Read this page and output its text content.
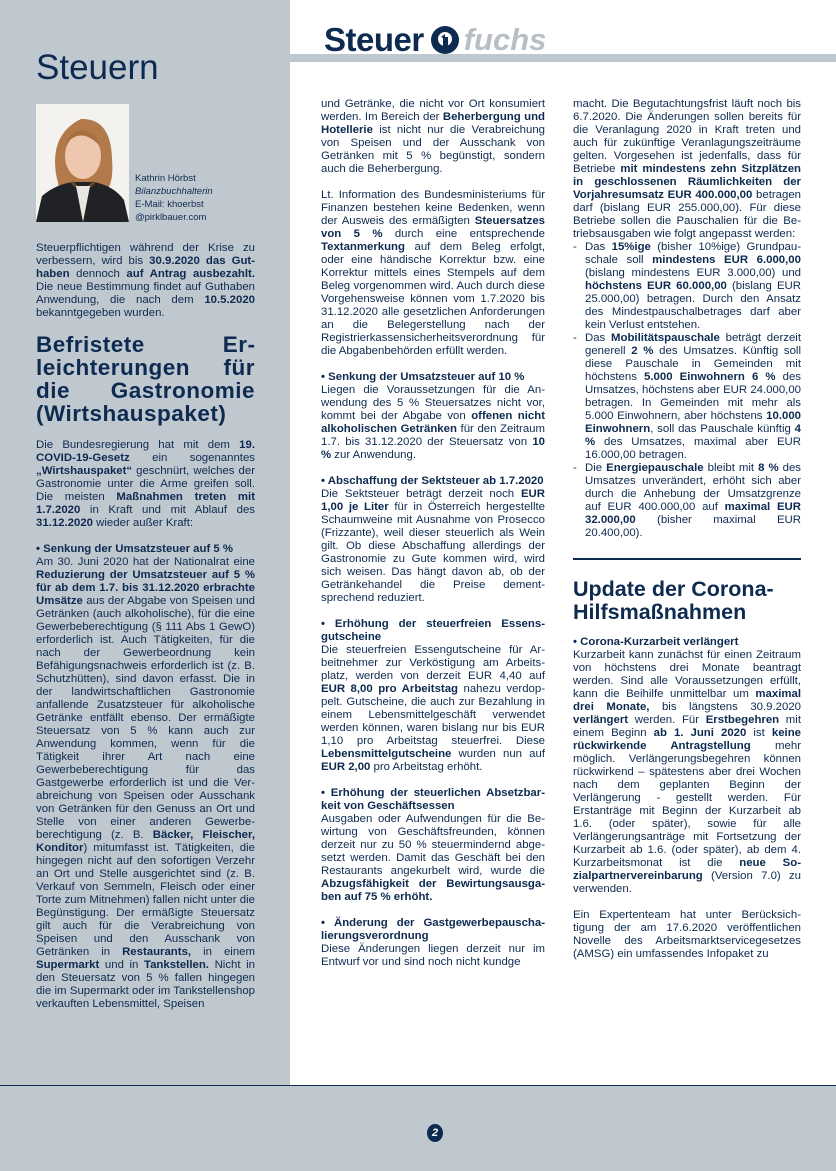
Steuer fuchs
Steuern
Kathrin Hörbst
Bilanzbuchhalterin
E-Mail: khoerbst
@pirklbauer.com

Steuerpflichtigen während der Krise zu verbessern, wird bis 30.9.2020 das Guthaben dennoch auf Antrag ausbezahlt. Die neue Bestimmung findet auf Guthaben Anwendung, die nach dem 10.5.2020 bekanntgegeben wurden.

Befristete Erleichterungen für die Gastronomie (Wirtshauspaket)

Die Bundesregierung hat mit dem 19. COVID-19-Gesetz ein sogenanntes „Wirtshauspaket“ geschnürt, welches der Gastronomie unter die Arme greifen soll. Die meisten Maßnahmen treten mit 1.7.2020 in Kraft und mit Ablauf des 31.12.2020 wieder außer Kraft:

• Senkung der Umsatzsteuer auf 5 %
Am 30. Juni 2020 hat der Nationalrat eine Reduzierung der Umsatzsteuer auf 5 % für ab dem 1.7. bis 31.12.2020 erbrachte Umsätze aus der Abgabe von Speisen und Getränken (auch alkoholische), für die eine Gewerbeberechtigung (§ 111 Abs 1 GewO) erforderlich ist. Auch Tätigkeiten, für die nach der Gewerbeordnung kein Befähigungsnachweis erforderlich ist (z. B. Schutzhütten), sind davon erfasst. Die in der landwirtschaftlichen Gastronomie anfallende Zusatzsteuer für alkoholische Getränke entfällt ebenso. Der ermäßigte Steuersatz von 5 % kann auch zur Anwendung kommen, wenn für die Tätigkeit ihrer Art nach eine Gewerbeberechtigung für das Gastgewerbe erforderlich ist und die Verabreichung von Speisen oder Ausschank von Getränken für den Genuss an Ort und Stelle von einer anderen Gewerbeberechtigung (z. B. Bäcker, Fleischer, Konditor) mitumfasst ist. Tätigkeiten, die hingegen nicht auf den sofortigen Verzehr an Ort und Stelle ausgerichtet sind (z. B. Verkauf von Semmeln, Fleisch oder einer Torte zum Mitnehmen) fallen nicht unter die Begünstigung. Der ermäßigte Steuersatz gilt auch für die Verabreichung von Speisen und den Ausschank von Getränken in Restaurants, in einem Supermarkt und in Tankstellen. Nicht in den Steuersatz von 5 % fallen hingegen die im Supermarkt oder im Tankstellenshop verkauften Lebensmittel, Speisen

und Getränke, die nicht vor Ort konsumiert werden. Im Bereich der Beherbergung und Hotellerie ist nicht nur die Verabreichung von Speisen und der Ausschank von Getränken mit 5 % begünstigt, sondern auch die Beherbergung.

Lt. Information des Bundesministeriums für Finanzen bestehen keine Bedenken, wenn der Ausweis des ermäßigten Steuersatzes von 5 % durch eine entsprechende Textanmerkung auf dem Beleg erfolgt, oder eine händische Korrektur bzw. eine Korrektur mittels eines Stempels auf dem Beleg vorgenommen wird. Auch durch diese Vorgehensweise können vom 1.7.2020 bis 31.12.2020 alle gesetzlichen Anforderungen an die Belegerstellung nach der Registrierkassensicherheitsverordnung für die Abgabenbehörden erfüllt werden.

• Senkung der Umsatzsteuer auf 10 %
Liegen die Voraussetzungen für die Anwendung des 5 % Steuersatzes nicht vor, kommt bei der Abgabe von offenen nicht alkoholischen Getränken für den Zeitraum 1.7. bis 31.12.2020 der Steuersatz von 10 % zur Anwendung.

• Abschaffung der Sektsteuer ab 1.7.2020
Die Sektsteuer beträgt derzeit noch EUR 1,00 je Liter für in Österreich hergestellte Schaumweine mit Ausnahme von Prosecco (Frizzante), weil dieser steuerlich als Wein gilt. Ob diese Abschaffung allerdings der Gastronomie zu Gute kommen wird, wird sich weisen. Das hängt davon ab, ob der Getränkehandel die Preise dementsprechend reduziert.

• Erhöhung der steuerfreien Essensgutscheine
Die steuerfreien Essengutscheine für Arbeitnehmer zur Verköstigung am Arbeitsplatz, werden von derzeit EUR 4,40 auf EUR 8,00 pro Arbeitstag nahezu verdoppelt. Gutscheine, die auch zur Bezahlung in einem Lebensmittelgeschäft verwendet werden können, waren bislang nur bis EUR 1,10 pro Arbeitstag steuerfrei. Diese Lebensmittelgutscheine wurden nun auf EUR 2,00 pro Arbeitstag erhöht.

• Erhöhung der steuerlichen Absetzbarkeit von Geschäftsessen
Ausgaben oder Aufwendungen für die Bewirtung von Geschäftsfreunden, können derzeit nur zu 50 % steuermindernd abgesetzt werden. Damit das Geschäft bei den Restaurants angekurbelt wird, wurde die Abzugsfähigkeit der Bewirtungsausgaben auf 75 % erhöht.

• Änderung der Gastgewerbepauschalierungsverordnung
Diese Änderungen liegen derzeit nur im Entwurf vor und sind noch nicht kundge

macht. Die Begutachtungsfrist läuft noch bis 6.7.2020. Die Änderungen sollen bereits für die Veranlagung 2020 in Kraft treten und auch für zukünftige Veranlagungszeiträume gelten. Vorgesehen ist jedenfalls, dass für Betriebe mit mindestens zehn Sitzplätzen in geschlossenen Räumlichkeiten der Vorjahresumsatz EUR 400.000,00 betragen darf (bislang EUR 255.000,00). Für diese Betriebe sollen die Pauschalien für die Betriebsausgaben wie folgt angepasst werden:

- Das 15%ige (bisher 10%ige) Grundpauschale soll mindestens EUR 6.000,00 (bislang mindestens EUR 3.000,00) und höchstens EUR 60.000,00 (bislang EUR 25.000,00) betragen. Durch den Ansatz des Mindestpauschalbetrages darf aber kein Verlust entstehen.
- Das Mobilitätspauschale beträgt derzeit generell 2 % des Umsatzes. Künftig soll diese Pauschale in Gemeinden mit höchstens 5.000 Einwohnern 6 % des Umsatzes, höchstens aber EUR 24.000,00 betragen. In Gemeinden mit mehr als 5.000 Einwohnern, aber höchstens 10.000 Einwohnern, soll das Pauschale künftig 4 % des Umsatzes, maximal aber EUR 16.000,00 betragen.
- Die Energiepauschale bleibt mit 8 % des Umsatzes unverändert, erhöht sich aber durch die Anhebung der Umsatzgrenze auf EUR 400.000,00 auf maximal EUR 32.000,00 (bisher maximal EUR 20.400,00).
Update der Corona-Hilfsmaßnahmen

• Corona-Kurzarbeit verlängert
Kurzarbeit kann zunächst für einen Zeitraum von höchstens drei Monate beantragt werden. Sind alle Voraussetzungen erfüllt, kann die Beihilfe unmittelbar um maximal drei Monate, bis längstens 30.9.2020 verlängert werden. Für Erstbegehren mit einem Beginn ab 1. Juni 2020 ist keine rückwirkende Antragstellung mehr möglich. Verlängerungsbegehren können rückwirkend – spätestens aber drei Wochen nach dem geplanten Beginn der Verlängerung - gestellt werden. Für Erstanträge mit Beginn der Kurzarbeit ab 1.6. (oder später), sowie für alle Verlängerungsanträge mit Fortsetzung der Kurzarbeit ab 1.6. (oder später), ab dem 4. Kurzarbeitsmonat ist die neue Sozialpartnervereinbarung (Version 7.0) zu verwenden.

Ein Expertenteam hat unter Berücksichtigung der am 17.6.2020 veröffentlichen Novelle des Arbeitsmarktservicegesetzes (AMSG) ein umfassendes Infopaket zu

2
